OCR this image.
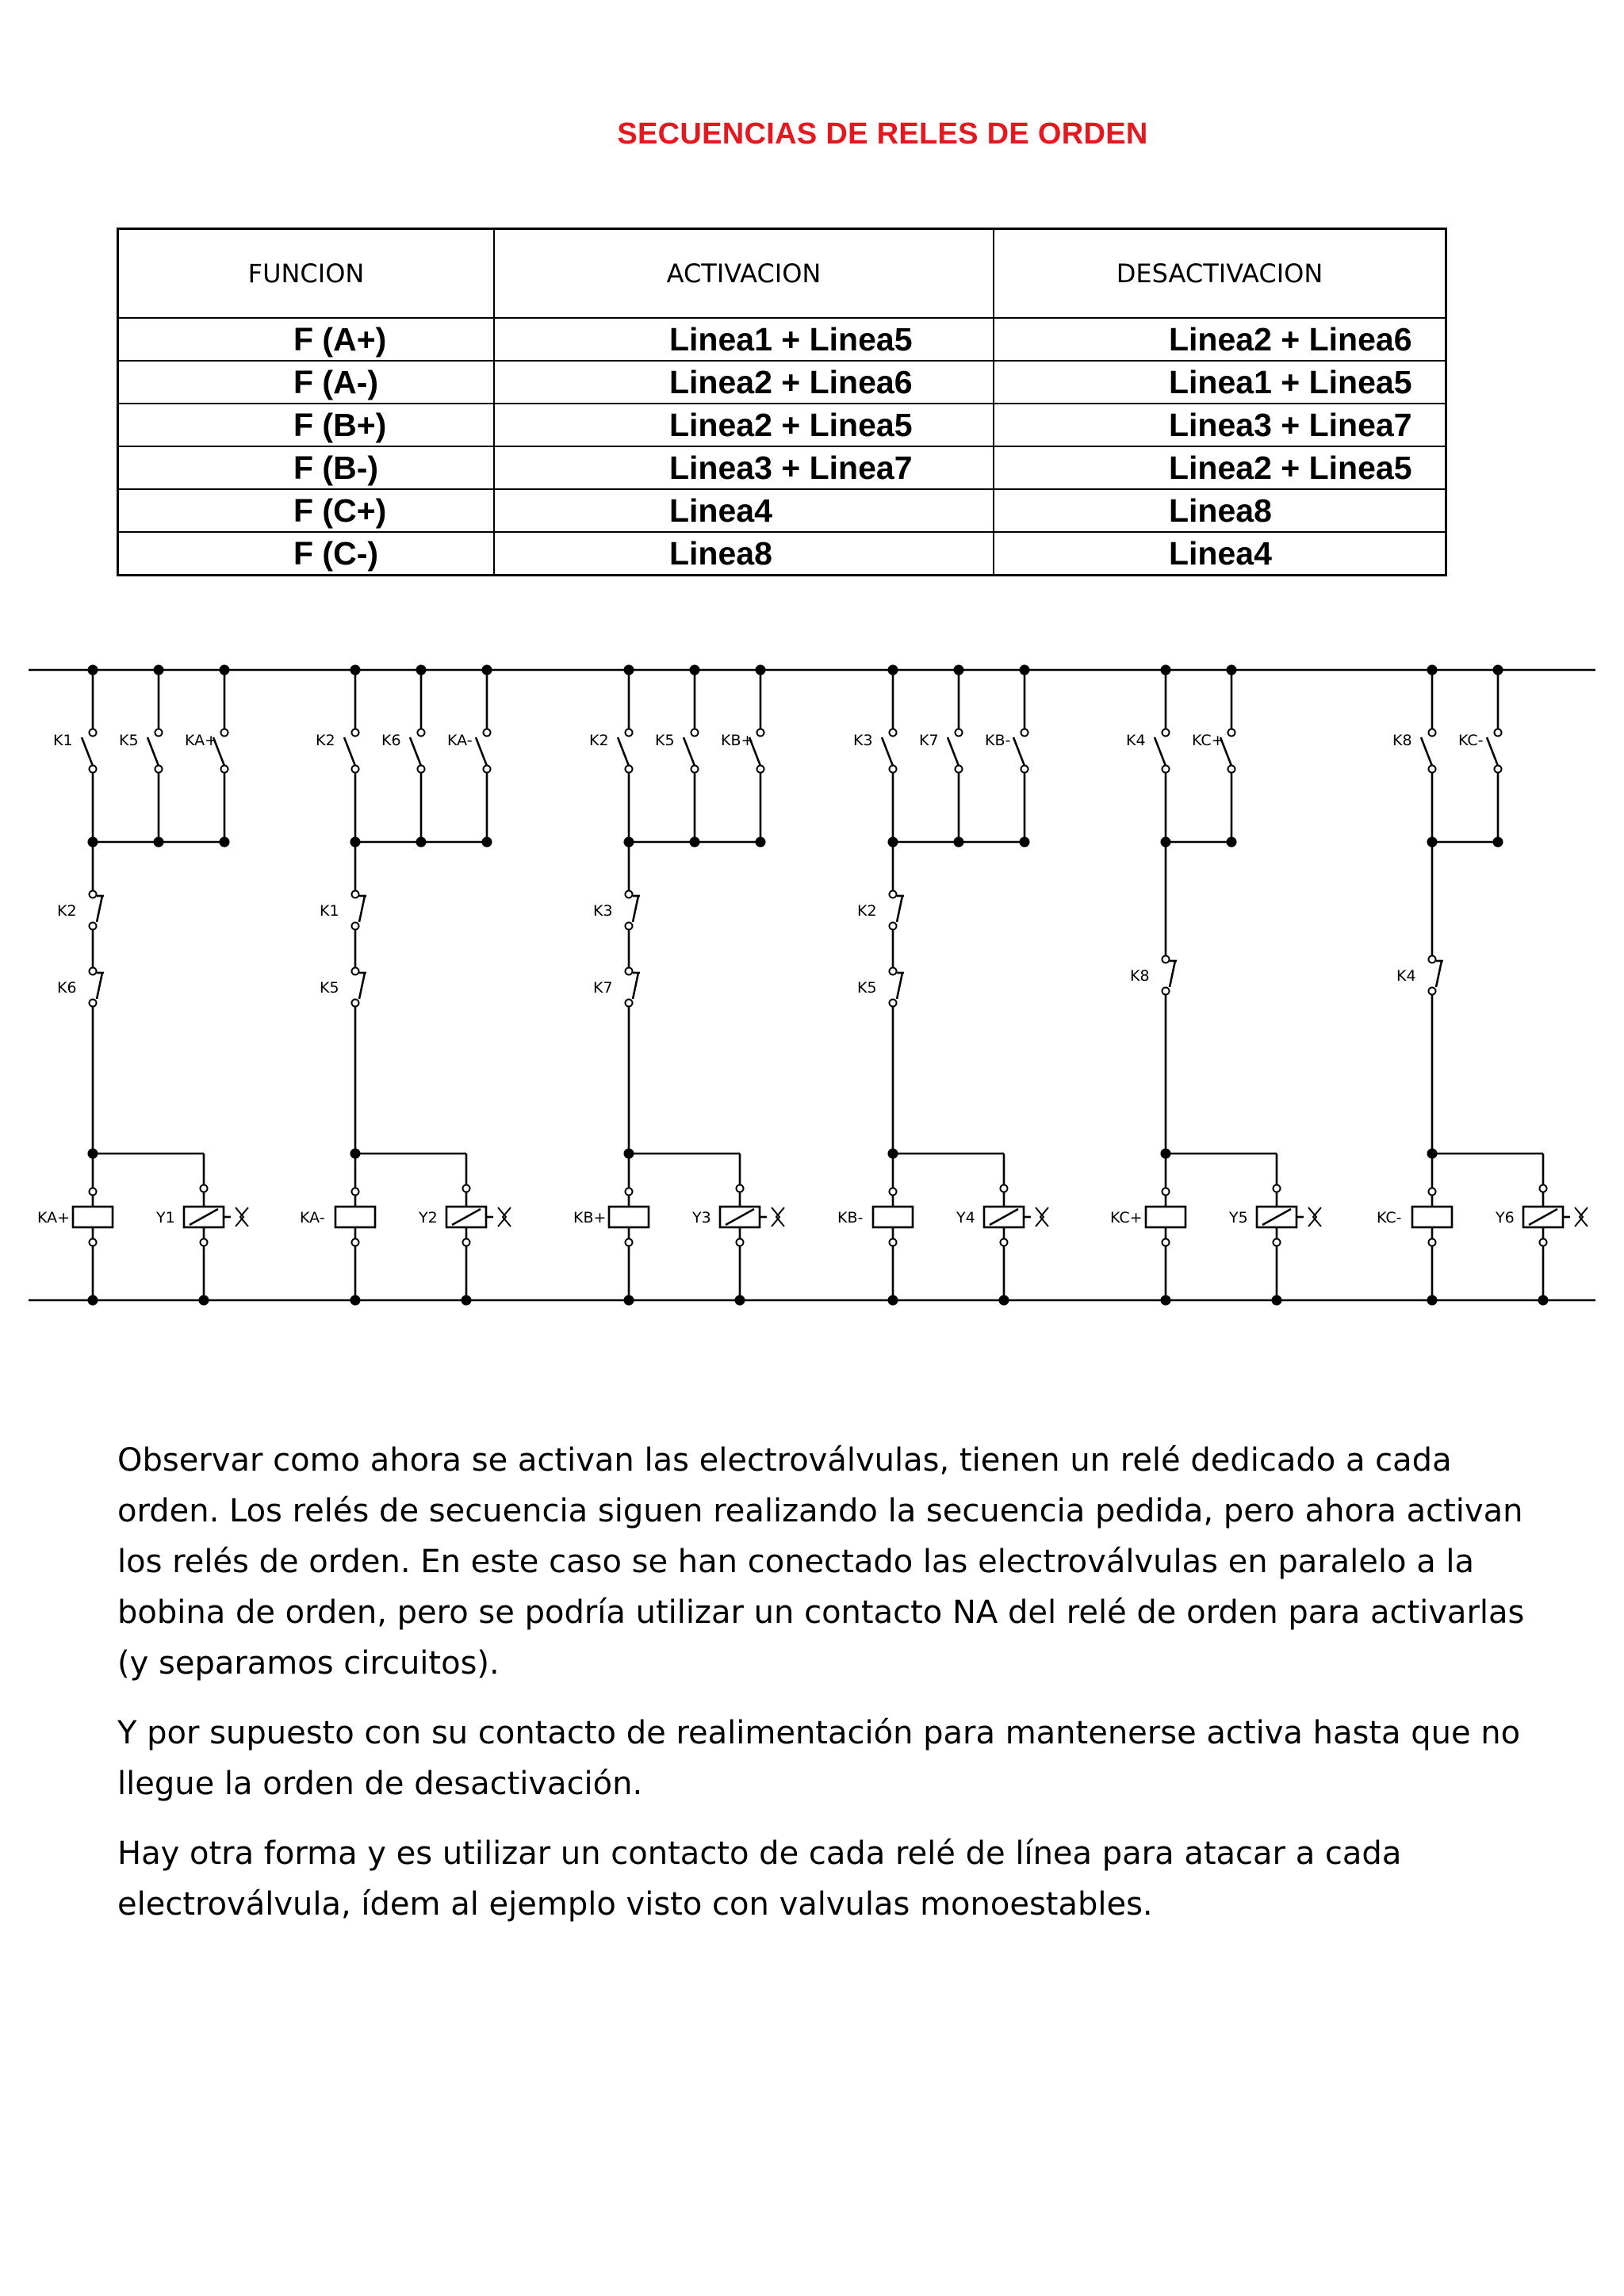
SECUENCIAS DE RELES DE ORDEN
FUNCION	ACTIVACION	DESACTIVACION
F (A+)	Linea1 + Linea5	Linea2 + Linea6
F (A-)	Linea2 + Linea6	Linea1 + Linea5
F (B+)	Linea2 + Linea5	Linea3 + Linea7
F (B-)	Linea3 + Linea7	Linea2 + Linea5
F (C+)	Linea4	Linea8
F (C-)	Linea8	Linea4
K1	K5	KA+
K2
K6
KA+	Y1
K2	K6	KA-
K1
K5
KA-	Y2
K2	K5	KB+
K3
K7
KB+	Y3
K3	K7	KB-
K2
K5
KB-	Y4
K4	KC+
K8
KC+	Y5
K8	KC-
K4
KC-	Y6

Observar como ahora se activan las electroválvulas, tienen un relé dedicado a cada orden. Los relés de secuencia siguen realizando la secuencia pedida, pero ahora activan los relés de orden. En este caso se han conectado las electroválvulas en paralelo a la bobina de orden, pero se podría utilizar un contacto NA del relé de orden para activarlas (y separamos circuitos).

Y por supuesto con su contacto de realimentación para mantenerse activa hasta que no llegue la orden de desactivación.

Hay otra forma y es utilizar un contacto de cada relé de línea para atacar a cada electroválvula, ídem al ejemplo visto con valvulas monoestables.
